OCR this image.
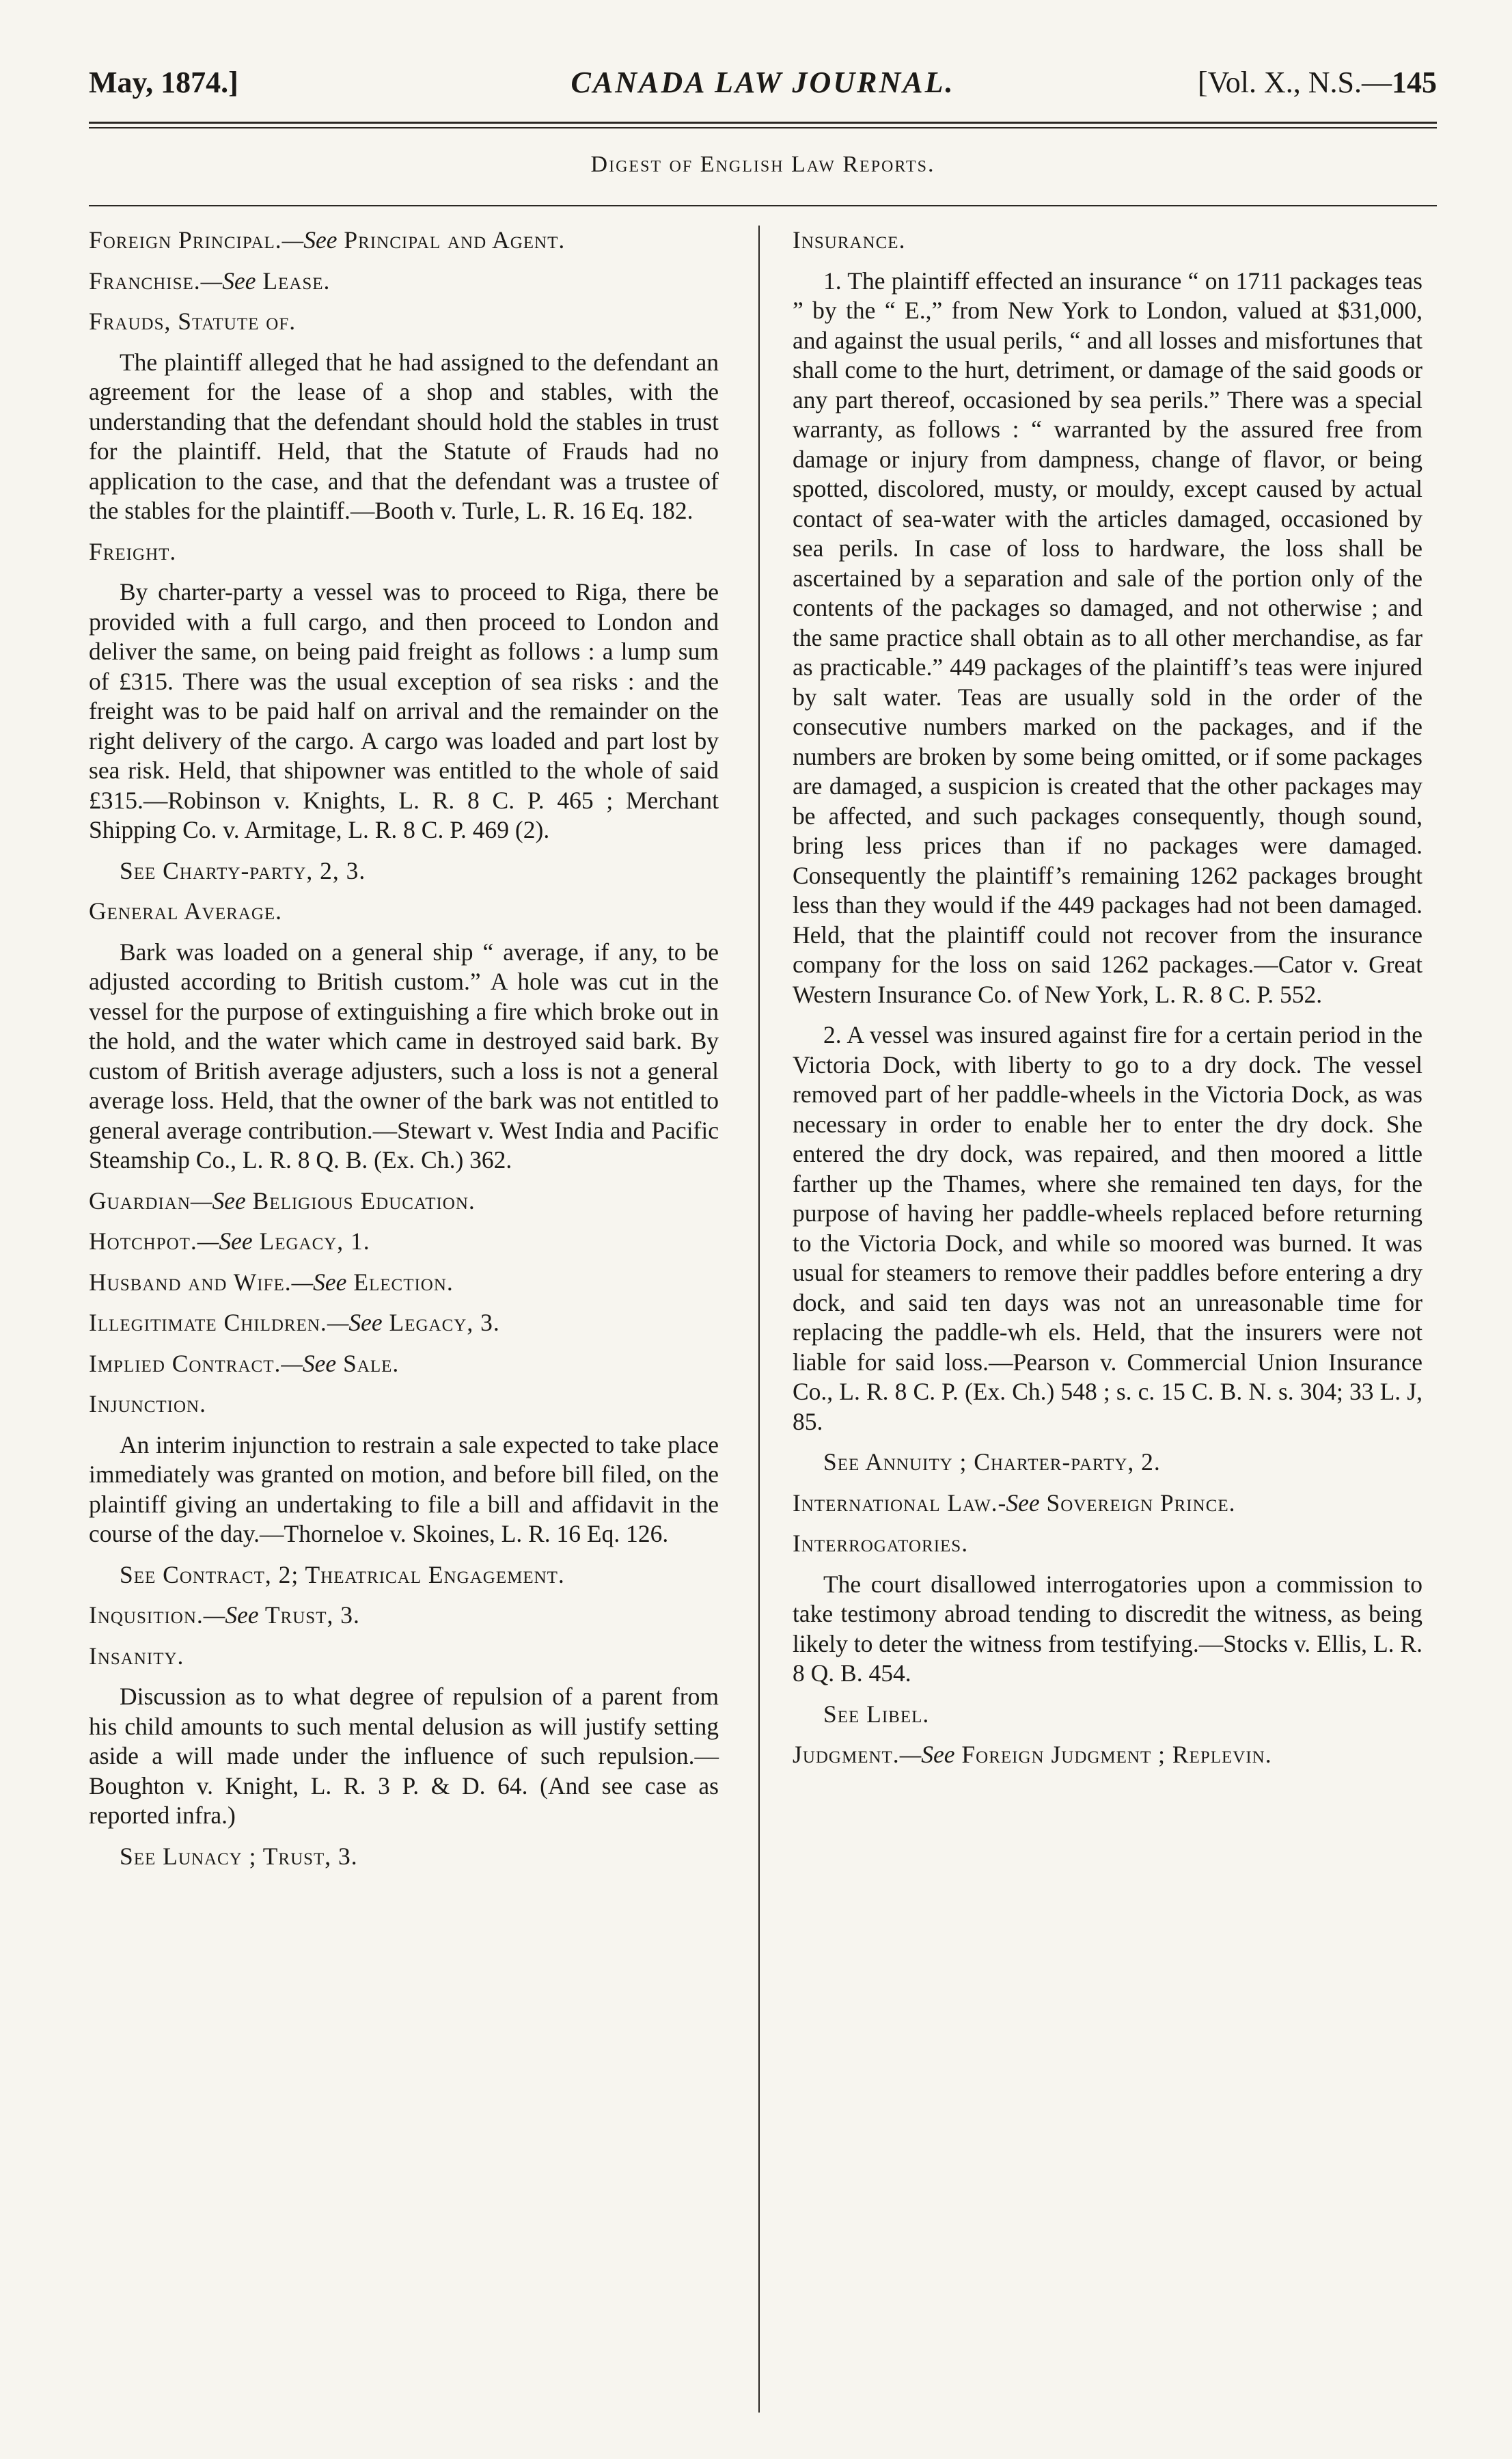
May, 1874.]	CANADA LAW JOURNAL.	[Vol. X., N.S.—145
Digest of English Law Reports.

Foreign Principal.—See Principal and Agent.

Franchise.—See Lease.

Frauds, Statute of.

The plaintiff alleged that he had assigned to the defendant an agreement for the lease of a shop and stables, with the understanding that the defendant should hold the stables in trust for the plaintiff. Held, that the Statute of Frauds had no application to the case, and that the defendant was a trustee of the stables for the plaintiff.—Booth v. Turle, L. R. 16 Eq. 182.

Freight.

By charter-party a vessel was to proceed to Riga, there be provided with a full cargo, and then proceed to London and deliver the same, on being paid freight as follows : a lump sum of £315. There was the usual exception of sea risks : and the freight was to be paid half on arrival and the remainder on the right delivery of the cargo. A cargo was loaded and part lost by sea risk. Held, that shipowner was entitled to the whole of said £315.—Robinson v. Knights, L. R. 8 C. P. 465 ; Merchant Shipping Co. v. Armitage, L. R. 8 C. P. 469 (2).

See Charty-party, 2, 3.

General Average.

Bark was loaded on a general ship “ average, if any, to be adjusted according to British custom.” A hole was cut in the vessel for the purpose of extinguishing a fire which broke out in the hold, and the water which came in destroyed said bark. By custom of British average adjusters, such a loss is not a general average loss. Held, that the owner of the bark was not entitled to general average contribution.—Stewart v. West India and Pacific Steamship Co., L. R. 8 Q. B. (Ex. Ch.) 362.

Guardian—See Beligious Education.

Hotchpot.—See Legacy, 1.

Husband and Wife.—See Election.

Illegitimate Children.—See Legacy, 3.

Implied Contract.—See Sale.

Injunction.

An interim injunction to restrain a sale expected to take place immediately was granted on motion, and before bill filed, on the plaintiff giving an undertaking to file a bill and affidavit in the course of the day.—Thorneloe v. Skoines, L. R. 16 Eq. 126.

See Contract, 2; Theatrical Engagement.

Inqusition.—See Trust, 3.

Insanity.

Discussion as to what degree of repulsion of a parent from his child amounts to such mental delusion as will justify setting aside a will made under the influence of such repulsion.—Boughton v. Knight, L. R. 3 P. & D. 64. (And see case as reported infra.)

See Lunacy ; Trust, 3.

Insurance.

1. The plaintiff effected an insurance “ on 1711 packages teas ” by the “ E.,” from New York to London, valued at $31,000, and against the usual perils, “ and all losses and misfortunes that shall come to the hurt, detriment, or damage of the said goods or any part thereof, occasioned by sea perils.” There was a special warranty, as follows : “ warranted by the assured free from damage or injury from dampness, change of flavor, or being spotted, discolored, musty, or mouldy, except caused by actual contact of sea-water with the articles damaged, occasioned by sea perils. In case of loss to hardware, the loss shall be ascertained by a separation and sale of the portion only of the contents of the packages so damaged, and not otherwise ; and the same practice shall obtain as to all other merchandise, as far as practicable.” 449 packages of the plaintiff’s teas were injured by salt water. Teas are usually sold in the order of the consecutive numbers marked on the packages, and if the numbers are broken by some being omitted, or if some packages are damaged, a suspicion is created that the other packages may be affected, and such packages consequently, though sound, bring less prices than if no packages were damaged. Consequently the plaintiff’s remaining 1262 packages brought less than they would if the 449 packages had not been damaged. Held, that the plaintiff could not recover from the insurance company for the loss on said 1262 packages.—Cator v. Great Western Insurance Co. of New York, L. R. 8 C. P. 552.

2. A vessel was insured against fire for a certain period in the Victoria Dock, with liberty to go to a dry dock. The vessel removed part of her paddle-wheels in the Victoria Dock, as was necessary in order to enable her to enter the dry dock. She entered the dry dock, was repaired, and then moored a little farther up the Thames, where she remained ten days, for the purpose of having her paddle-wheels replaced before returning to the Victoria Dock, and while so moored was burned. It was usual for steamers to remove their paddles before entering a dry dock, and said ten days was not an unreasonable time for replacing the paddle-wh els. Held, that the insurers were not liable for said loss.—Pearson v. Commercial Union Insurance Co., L. R. 8 C. P. (Ex. Ch.) 548 ; s. c. 15 C. B. N. s. 304; 33 L. J, 85.

See Annuity ; Charter-party, 2.

International Law.-See Sovereign Prince.

Interrogatories.

The court disallowed interrogatories upon a commission to take testimony abroad tending to discredit the witness, as being likely to deter the witness from testifying.—Stocks v. Ellis, L. R. 8 Q. B. 454.

See Libel.

Judgment.—See Foreign Judgment ; Replevin.
